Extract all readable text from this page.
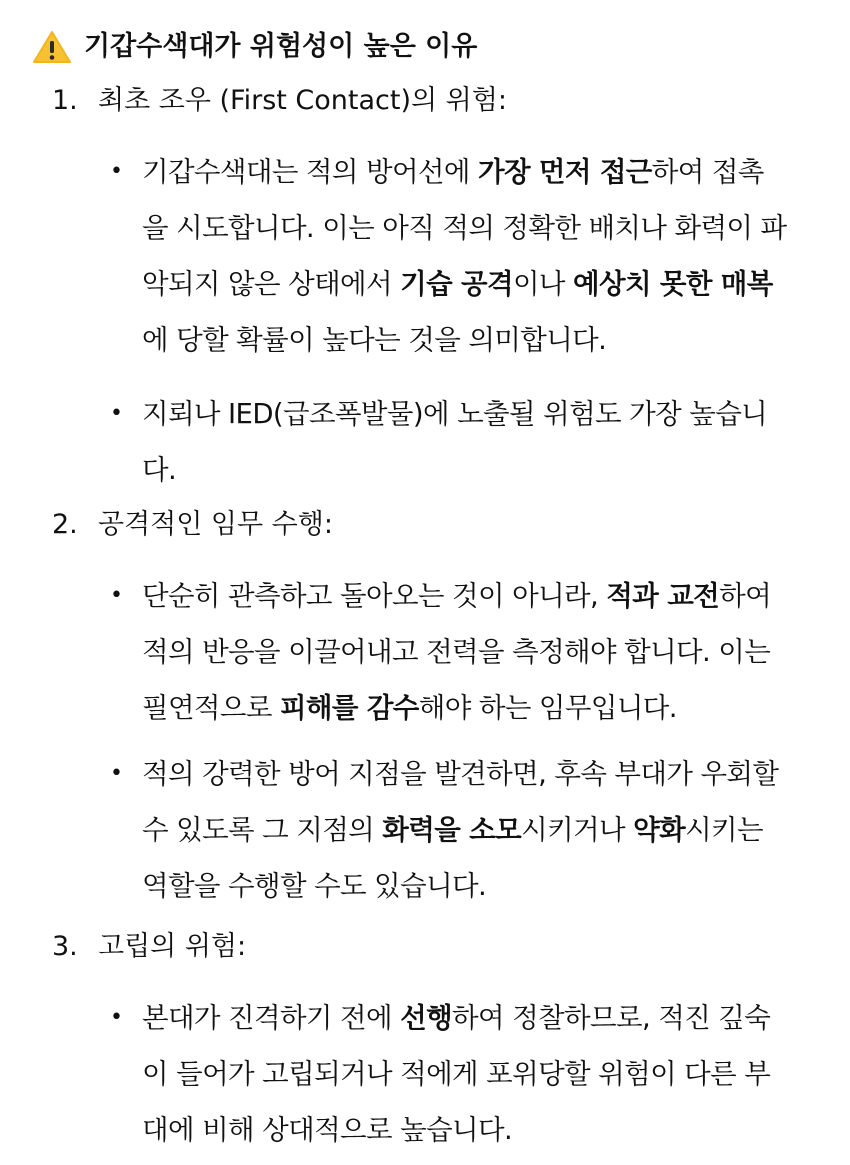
기갑수색대가 위험성이 높은 이유
1. 최초 조우 (First Contact)의 위험:
• 기갑수색대는 적의 방어선에 가장 먼저 접근하여 접촉
을 시도합니다. 이는 아직 적의 정확한 배치나 화력이 파
악되지 않은 상태에서 기습 공격이나 예상치 못한 매복
에 당할 확률이 높다는 것을 의미합니다.
• 지뢰나 IED(급조폭발물)에 노출될 위험도 가장 높습니
다.
2. 공격적인 임무 수행:
• 단순히 관측하고 돌아오는 것이 아니라, 적과 교전하여
적의 반응을 이끌어내고 전력을 측정해야 합니다. 이는
필연적으로 피해를 감수해야 하는 임무입니다.
• 적의 강력한 방어 지점을 발견하면, 후속 부대가 우회할
수 있도록 그 지점의 화력을 소모시키거나 약화시키는
역할을 수행할 수도 있습니다.
3. 고립의 위험:
• 본대가 진격하기 전에 선행하여 정찰하므로, 적진 깊숙
이 들어가 고립되거나 적에게 포위당할 위험이 다른 부
대에 비해 상대적으로 높습니다.
